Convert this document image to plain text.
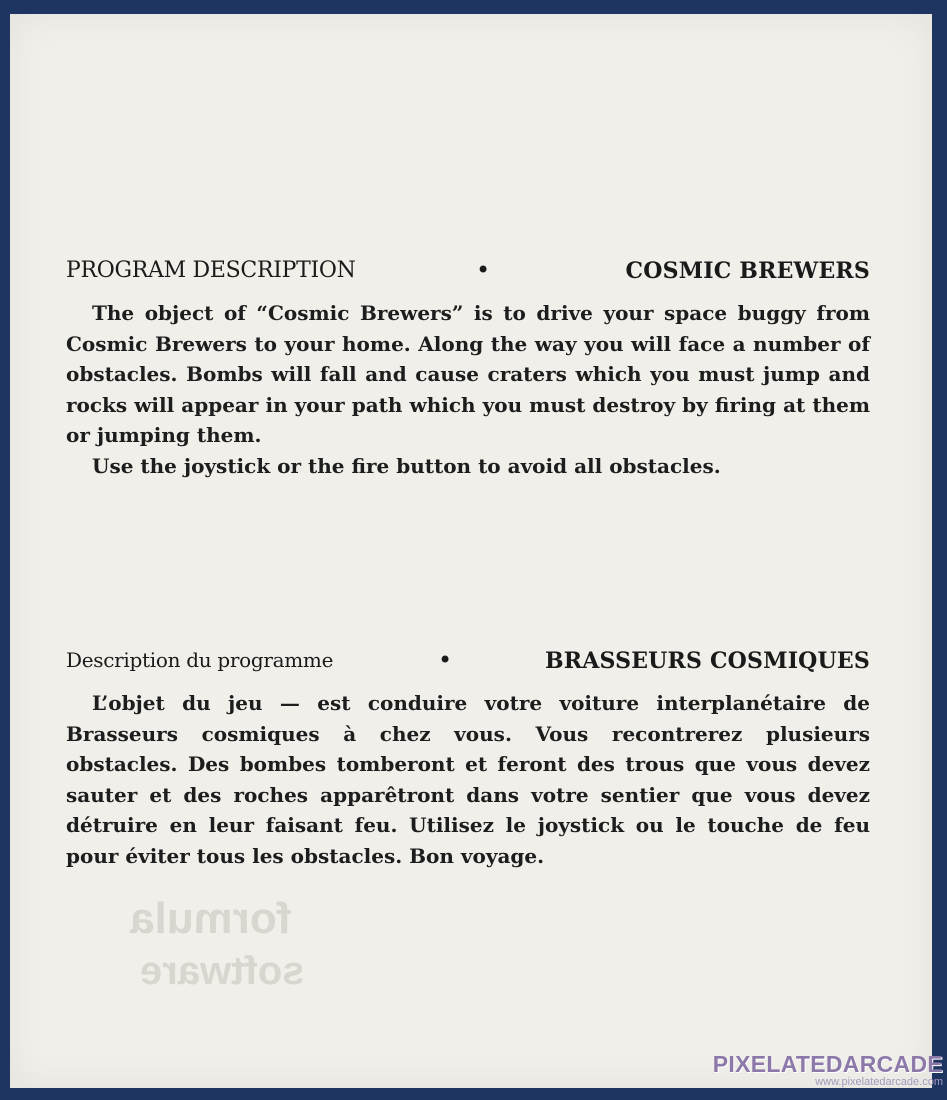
formula
software
PROGRAM DESCRIPTION	•	COSMIC BREWERS
The object of “Cosmic Brewers” is to drive your space buggy from Cosmic Brewers to your home. Along the way you will face a number of obstacles. Bombs will fall and cause craters which you must jump and rocks will appear in your path which you must destroy by firing at them or jumping them.
Use the joystick or the fire button to avoid all obstacles.
Description du programme	•	BRASSEURS COSMIQUES
L’objet du jeu — est conduire votre voiture interplanétaire de Brasseurs cosmiques à chez vous. Vous recontrerez plusieurs obstacles. Des bombes tomberont et feront des trous que vous devez sauter et des roches apparêtront dans votre sentier que vous devez détruire en leur faisant feu. Utilisez le joystick ou le touche de feu pour éviter tous les obstacles. Bon voyage.
PIXELATEDARCADE
www.pixelatedarcade.com
